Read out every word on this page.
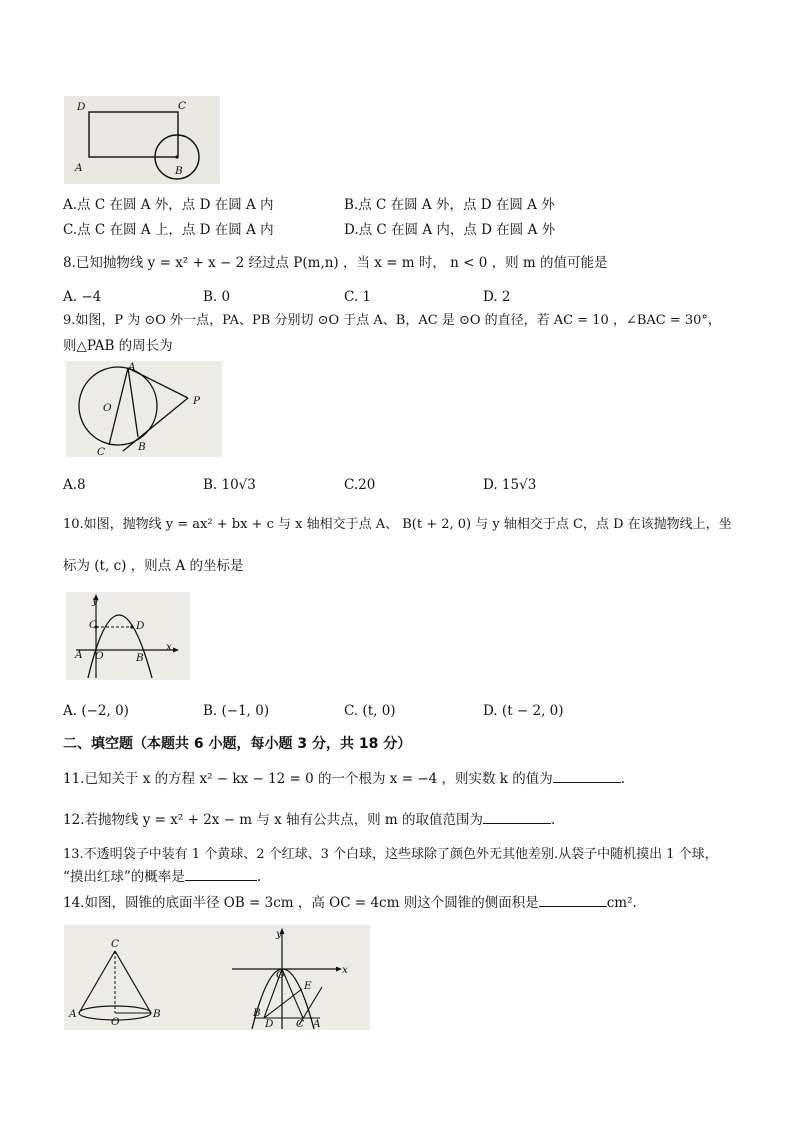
D	C
A	B
A.点 C 在圆 A 外，点 D 在圆 A 内	B.点 C 在圆 A 外，点 D 在圆 A 外
C.点 C 在圆 A 上，点 D 在圆 A 内	D.点 C 在圆 A 内，点 D 在圆 A 外
8.已知抛物线 y = x² + x − 2 经过点 P(m,n) ，当 x = m 时， n < 0 ，则 m 的值可能是
A. −4	B. 0	C. 1	D. 2
9.如图，P 为 ⊙O 外一点，PA、PB 分别切 ⊙O 于点 A、B，AC 是 ⊙O 的直径，若 AC = 10 ，∠BAC = 30°，
则△PAB 的周长为
A
O
P
B
C
A.8	B. 10√3	C.20	D. 15√3
10.如图，抛物线 y = ax² + bx + c 与 x 轴相交于点 A、 B(t + 2, 0) 与 y 轴相交于点 C，点 D 在该抛物线上，坐
标为 (t, c) ，则点 A 的坐标是
y
x
C	D
A O	B
A. (−2, 0)	B. (−1, 0)	C. (t, 0)	D. (t − 2, 0)
二、填空题（本题共 6 小题，每小题 3 分，共 18 分）
11.已知关于 x 的方程 x² − kx − 12 = 0 的一个根为 x = −4 ，则实数 k 的值为	.
12.若抛物线 y = x² + 2x − m 与 x 轴有公共点，则 m 的取值范围为	.
13.不透明袋子中装有 1 个黄球、2 个红球、3 个白球，这些球除了颜色外无其他差别.从袋子中随机摸出 1 个球，
“摸出红球”的概率是	.
14.如图，圆锥的底面半径 OB = 3cm ，高 OC = 4cm 则这个圆锥的侧面积是	cm².
C
A
O
B
y
x
O
E
B
D C A
